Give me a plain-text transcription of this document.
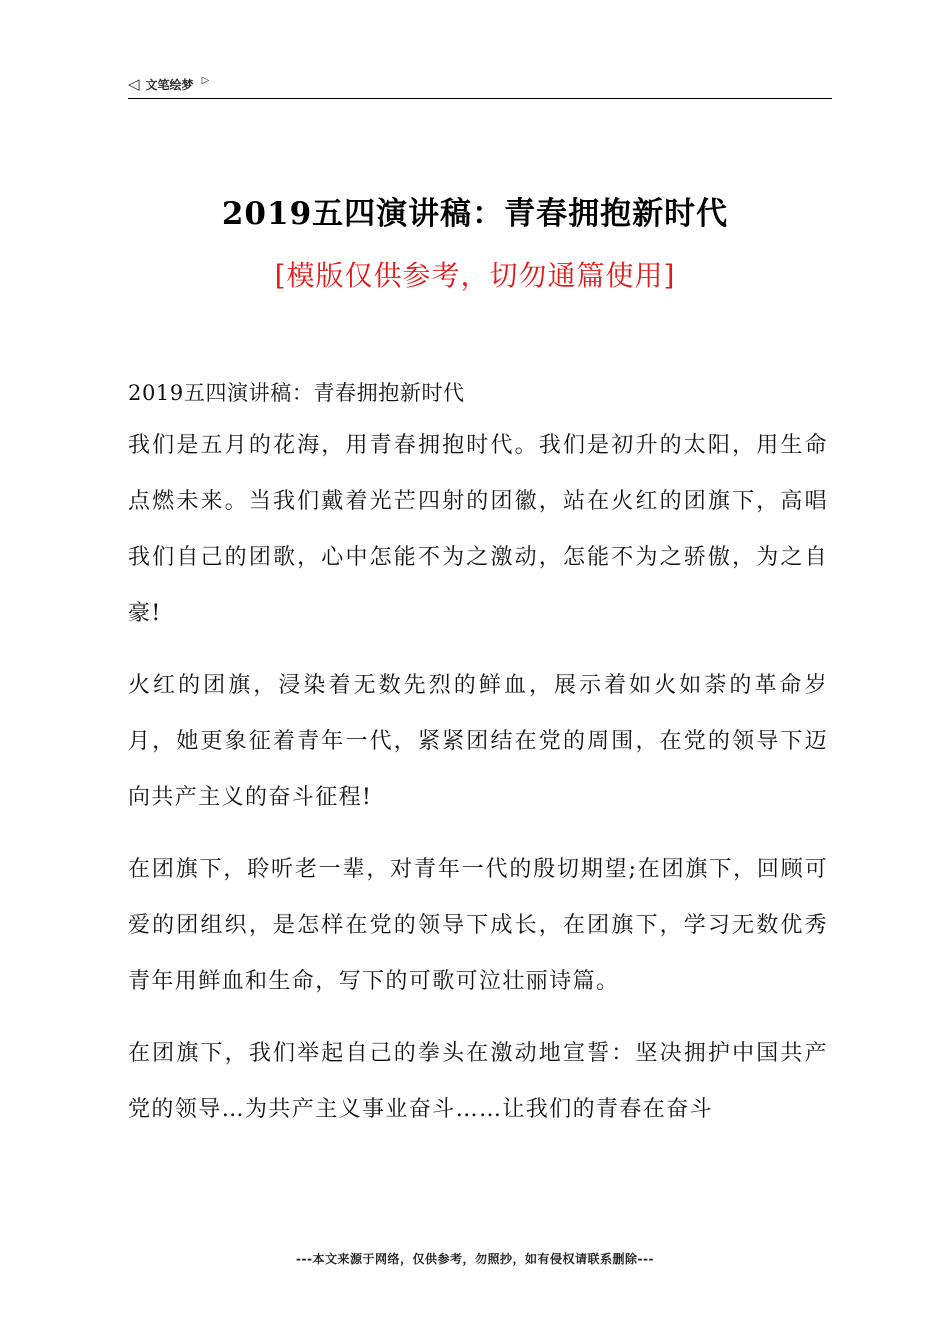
◁ 文笔绘梦 ▷
2019五四演讲稿：青春拥抱新时代
[模版仅供参考，切勿通篇使用]

2019五四演讲稿：青春拥抱新时代

我们是五月的花海，用青春拥抱时代。我们是初升的太阳，用生命点燃未来。当我们戴着光芒四射的团徽，站在火红的团旗下，高唱我们自己的团歌，心中怎能不为之激动，怎能不为之骄傲，为之自豪!

火红的团旗，浸染着无数先烈的鲜血，展示着如火如荼的革命岁月，她更象征着青年一代，紧紧团结在党的周围，在党的领导下迈向共产主义的奋斗征程!

在团旗下，聆听老一辈，对青年一代的殷切期望;在团旗下，回顾可爱的团组织，是怎样在党的领导下成长，在团旗下，学习无数优秀青年用鲜血和生命，写下的可歌可泣壮丽诗篇。

在团旗下，我们举起自己的拳头在激动地宣誓：坚决拥护中国共产党的领导…为共产主义事业奋斗……让我们的青春在奋斗

---本文来源于网络，仅供参考，勿照抄，如有侵权请联系删除---
